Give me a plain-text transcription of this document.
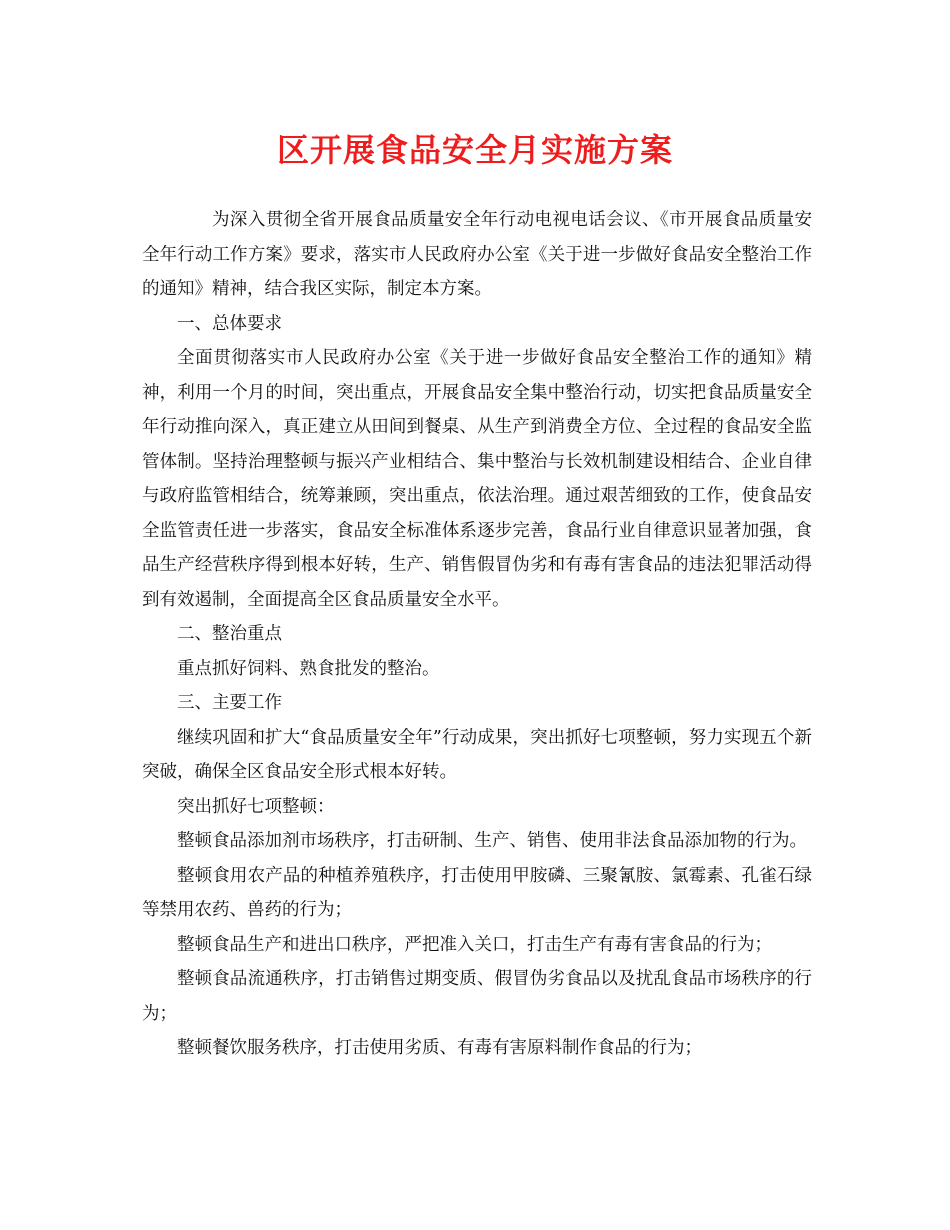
区开展食品安全月实施方案

为深入贯彻全省开展食品质量安全年行动电视电话会议、《市开展食品质量安全年行动工作方案》要求，落实市人民政府办公室《关于进一步做好食品安全整治工作的通知》精神，结合我区实际，制定本方案。

一、总体要求

全面贯彻落实市人民政府办公室《关于进一步做好食品安全整治工作的通知》精神，利用一个月的时间，突出重点，开展食品安全集中整治行动，切实把食品质量安全年行动推向深入，真正建立从田间到餐桌、从生产到消费全方位、全过程的食品安全监管体制。坚持治理整顿与振兴产业相结合、集中整治与长效机制建设相结合、企业自律与政府监管相结合，统筹兼顾，突出重点，依法治理。通过艰苦细致的工作，使食品安全监管责任进一步落实，食品安全标准体系逐步完善，食品行业自律意识显著加强，食品生产经营秩序得到根本好转，生产、销售假冒伪劣和有毒有害食品的违法犯罪活动得到有效遏制，全面提高全区食品质量安全水平。

二、整治重点

重点抓好饲料、熟食批发的整治。

三、主要工作

继续巩固和扩大“食品质量安全年”行动成果，突出抓好七项整顿，努力实现五个新突破，确保全区食品安全形式根本好转。

突出抓好七项整顿：

整顿食品添加剂市场秩序，打击研制、生产、销售、使用非法食品添加物的行为。

整顿食用农产品的种植养殖秩序，打击使用甲胺磷、三聚氰胺、氯霉素、孔雀石绿等禁用农药、兽药的行为；

整顿食品生产和进出口秩序，严把准入关口，打击生产有毒有害食品的行为；

整顿食品流通秩序，打击销售过期变质、假冒伪劣食品以及扰乱食品市场秩序的行为；

整顿餐饮服务秩序，打击使用劣质、有毒有害原料制作食品的行为；
